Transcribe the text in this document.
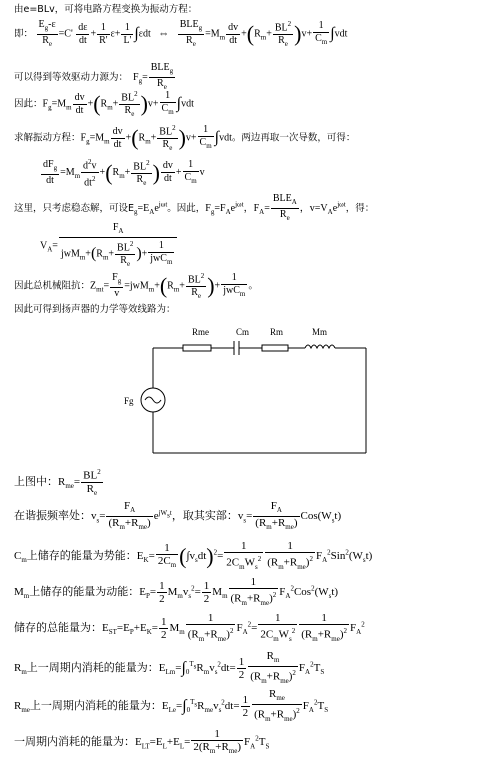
由e=BLv，可将电路方程变换为振动方程：
即： $\frac{E_g-\varepsilon}{R_e} =C' \frac{d\varepsilon}{dt} + \frac{1}{R'} \varepsilon+ \frac{1}{L'} \int\varepsilon dt$   ⇔ $\frac{BLE_g}{R_e} =M_m \frac{dv}{dt} +(R_m+ \frac{BL^2}{R_e} )v+ \frac{1}{C_m} \int vdt$
可以得到等效驱动力源为：  $F_g= \frac{BLE_g}{R_e}$
因此：$F_g=M_m \frac{dv}{dt} +(R_m+ \frac{BL^2}{R_e} )v+ \frac{1}{C_m} \int vdt$
求解振动方程：$F_g=M_m \frac{dv}{dt} +(R_m+ \frac{BL^2}{R_e} )v+ \frac{1}{C_m} \int vdt$。两边再取一次导数，可得：
$\frac{dF_g}{dt} =M_m \frac{d^2v}{dt^2} +(R_m+ \frac{BL^2}{R_e}$ ) $\frac{dv}{dt} + \frac{1}{C_m}$ v
这里，只考虑稳态解，可设$E_g=E_Ae^{j\omega t}$。因此，$F_g=F_Ae^{j\omega t}$，$F_A= \frac{BLE_A}{R_e}$ ，$v=V_Ae^{j\omega t}$，得：
$V_A= \frac{F_A}{jwM_m+(R_m+ \frac{BL^2}{R_e} )+ \frac{1}{jwC_m}}$
因此总机械阻抗：$Z_{mt}= \frac{F_g}{v} =jwM_m+(R_m+ \frac{BL^2}{R_e}$ )+ $\frac{1}{jwC_m}$ 。
因此可得到扬声器的力学等效线路为：
Rme	Cm Rm	Mm
Fg
上图中：$R_{me}= \frac{BL^2}{R_e}$
在谐振频率处：$v_s= \frac{F_A}{(R_m+R_{me})} e^{jW_st}$，取其实部：$v_s= \frac{F_A}{(R_m+R_{me})} Cos(W_st)$
$C_m$上储存的能量为势能：$E_K= \frac{1}{2C_m} (\int v_sdt)^2= \frac{1}{2C_mW_s^2} \frac{1}{(R_m+R_{me})^2} F_A^2Sin^2(W_st)$
$M_m$上储存的能量为动能：$E_P= \frac{1}{2} M_mv_s^2= \frac{1}{2} M_m \frac{1}{(R_m+R_{me})^2} F_A^2Cos^2(W_st)$
储存的总能量为：$E_{ST}=E_P+E_K= \frac{1}{2} M_m \frac{1}{(R_m+R_{me})^2} F_A^2= \frac{1}{2C_mW_s^2} \frac{1}{(R_m+R_{me})^2} F_A^2$
$R_m$上一周期内消耗的能量为：$E_{Lm}=\int_0^{T_s}R_mv_s^2dt= \frac{1}{2} \frac{R_m}{(R_m+R_{me})^2} F_A^2T_S$
$R_{me}$上一周期内消耗的能量为：$E_{Le}=\int_0^{T_s}R_{me}v_s^2dt= \frac{1}{2} \frac{R_{me}}{(R_m+R_{me})^2} F_A^2T_S$
一周期内消耗的能量为：$E_{LT}=E_L+E_L= \frac{1}{2(R_m+R_{me})} F_A^2T_S$
